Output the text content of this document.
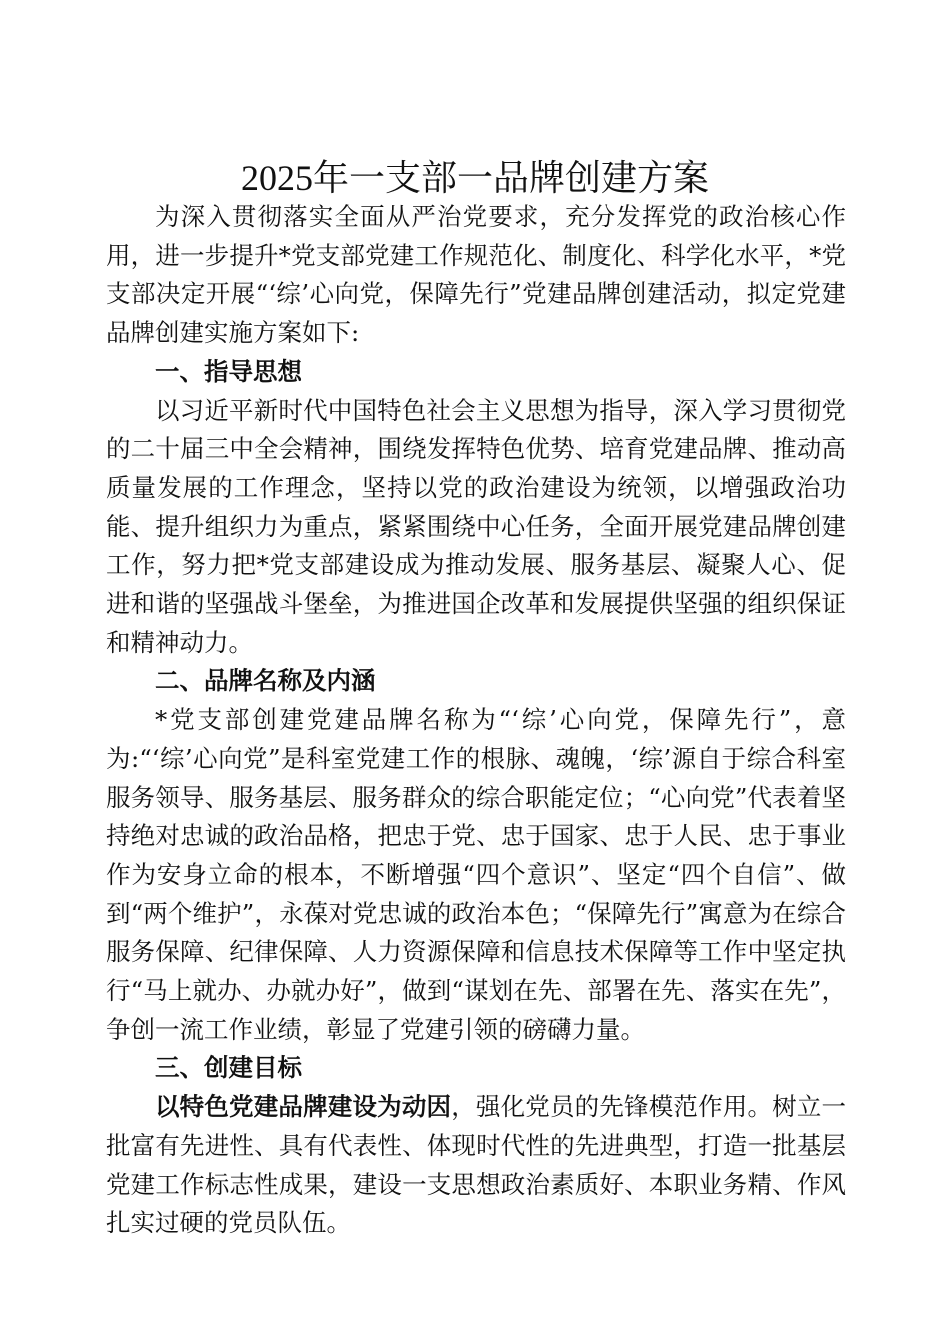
2025年一支部一品牌创建方案

为深入贯彻落实全面从严治党要求，充分发挥党的政治核心作用，进一步提升*党支部党建工作规范化、制度化、科学化水平，*党支部决定开展“‘综’心向党，保障先行”党建品牌创建活动，拟定党建品牌创建实施方案如下:

一、指导思想

以习近平新时代中国特色社会主义思想为指导，深入学习贯彻党的二十届三中全会精神，围绕发挥特色优势、培育党建品牌、推动高质量发展的工作理念，坚持以党的政治建设为统领，以增强政治功能、提升组织力为重点，紧紧围绕中心任务，全面开展党建品牌创建工作，努力把*党支部建设成为推动发展、服务基层、凝聚人心、促进和谐的坚强战斗堡垒，为推进国企改革和发展提供坚强的组织保证和精神动力。

二、品牌名称及内涵

*党支部创建党建品牌名称为“‘综’心向党，保障先行”，意为:“‘综’心向党”是科室党建工作的根脉、魂魄，‘综’源自于综合科室服务领导、服务基层、服务群众的综合职能定位；“心向党”代表着坚持绝对忠诚的政治品格，把忠于党、忠于国家、忠于人民、忠于事业作为安身立命的根本，不断增强“四个意识”、坚定“四个自信”、做到“两个维护”，永葆对党忠诚的政治本色；“保障先行”寓意为在综合服务保障、纪律保障、人力资源保障和信息技术保障等工作中坚定执行“马上就办、办就办好”，做到“谋划在先、部署在先、落实在先”，争创一流工作业绩，彰显了党建引领的磅礴力量。

三、创建目标

以特色党建品牌建设为动因，强化党员的先锋模范作用。树立一批富有先进性、具有代表性、体现时代性的先进典型，打造一批基层党建工作标志性成果，建设一支思想政治素质好、本职业务精、作风扎实过硬的党员队伍。
